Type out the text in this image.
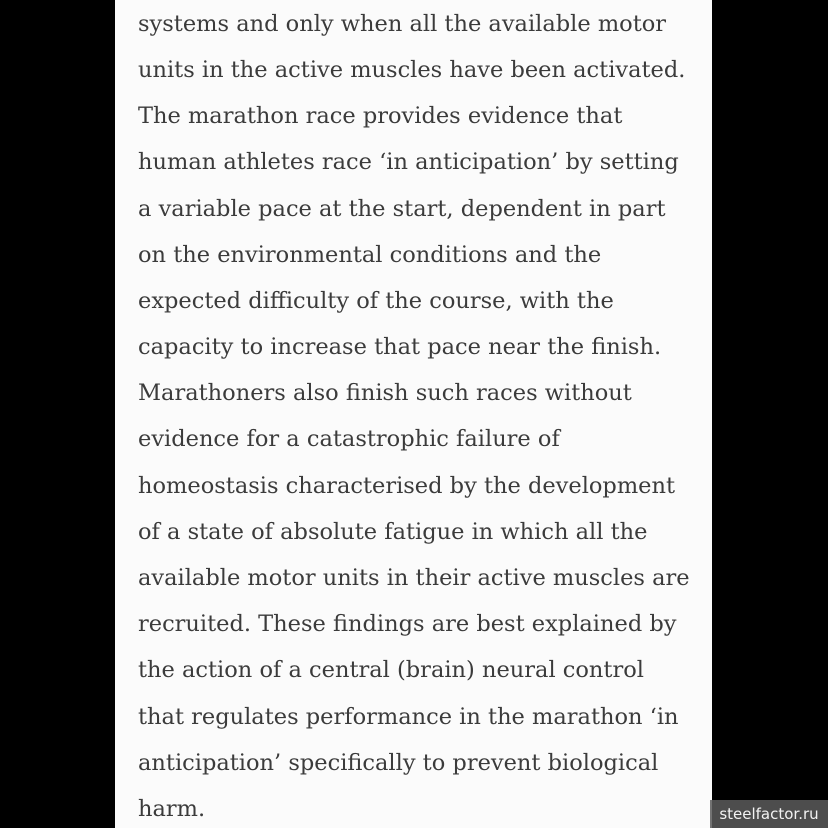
systems and only when all the available motor

units in the active muscles have been activated.

The marathon race provides evidence that

human athletes race ‘in anticipation’ by setting

a variable pace at the start, dependent in part

on the environmental conditions and the

expected difficulty of the course, with the

capacity to increase that pace near the finish.

Marathoners also finish such races without

evidence for a catastrophic failure of

homeostasis characterised by the development

of a state of absolute fatigue in which all the

available motor units in their active muscles are

recruited. These findings are best explained by

the action of a central (brain) neural control

that regulates performance in the marathon ‘in

anticipation’ specifically to prevent biological

harm.	steelfactor.ru
